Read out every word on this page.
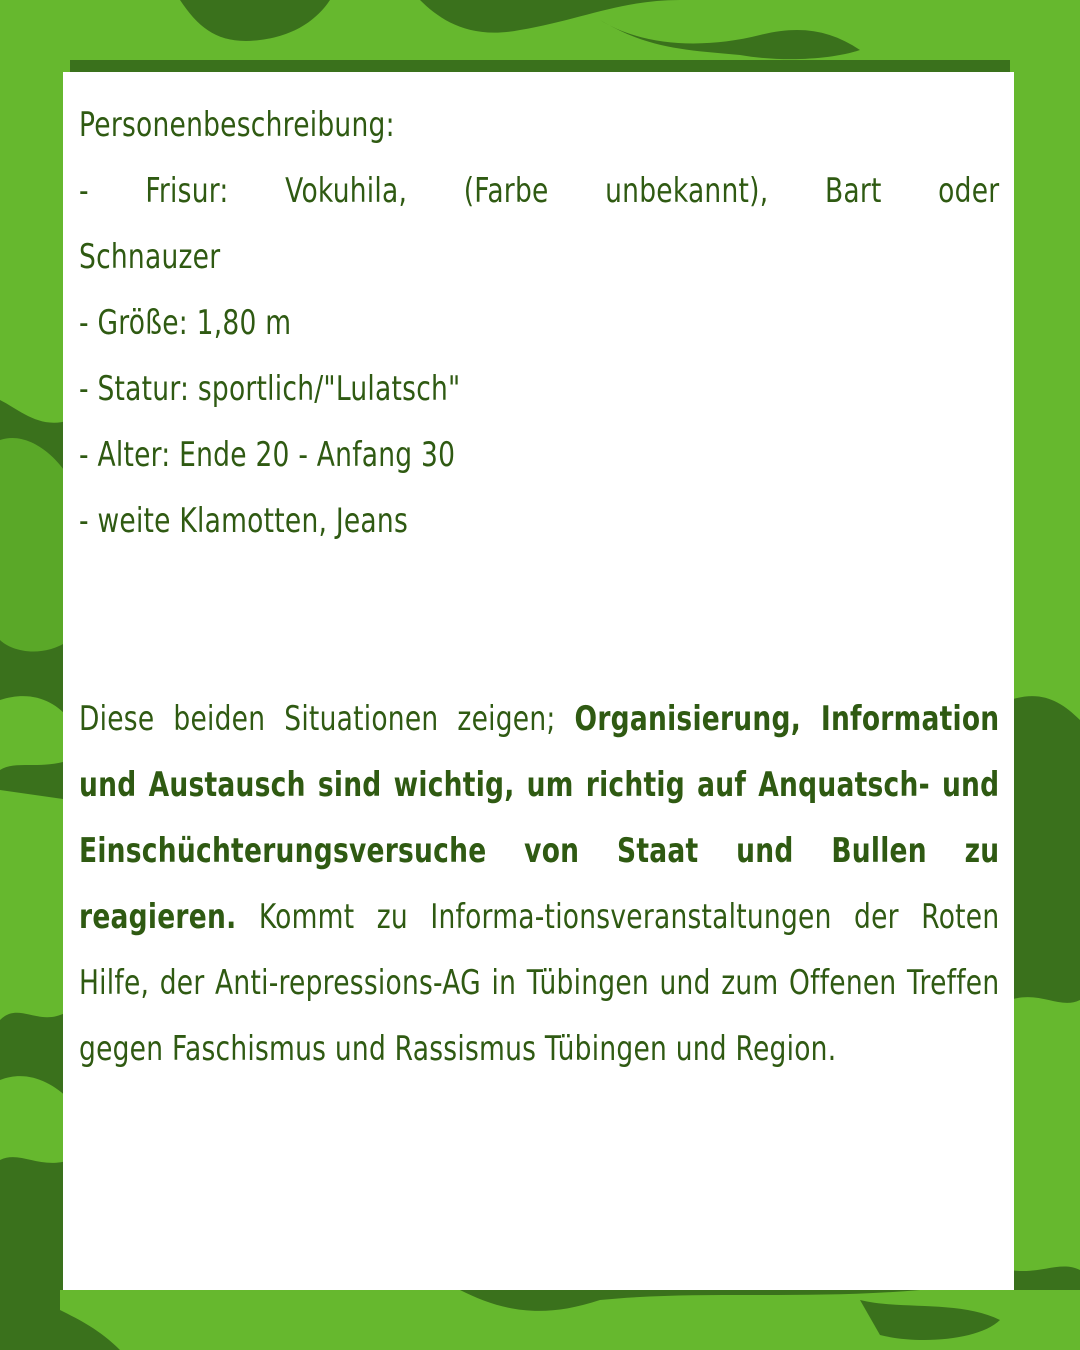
Personenbeschreibung:
- Frisur: Vokuhila, (Farbe unbekannt), Bart oder
Schnauzer
- Größe: 1,80 m
- Statur: sportlich/"Lulatsch"
- Alter: Ende 20 - Anfang 30
- weite Klamotten, Jeans
Diese beiden Situationen zeigen; Organisierung, Information und Austausch sind wichtig, um richtig auf Anquatsch- und Einschüchterungsversuche von Staat und Bullen zu reagieren. Kommt zu Informa-tionsveranstaltungen der Roten Hilfe, der Anti-repressions-AG in Tübingen und zum Offenen Treffen gegen Faschismus und Rassismus Tübingen und Region.
